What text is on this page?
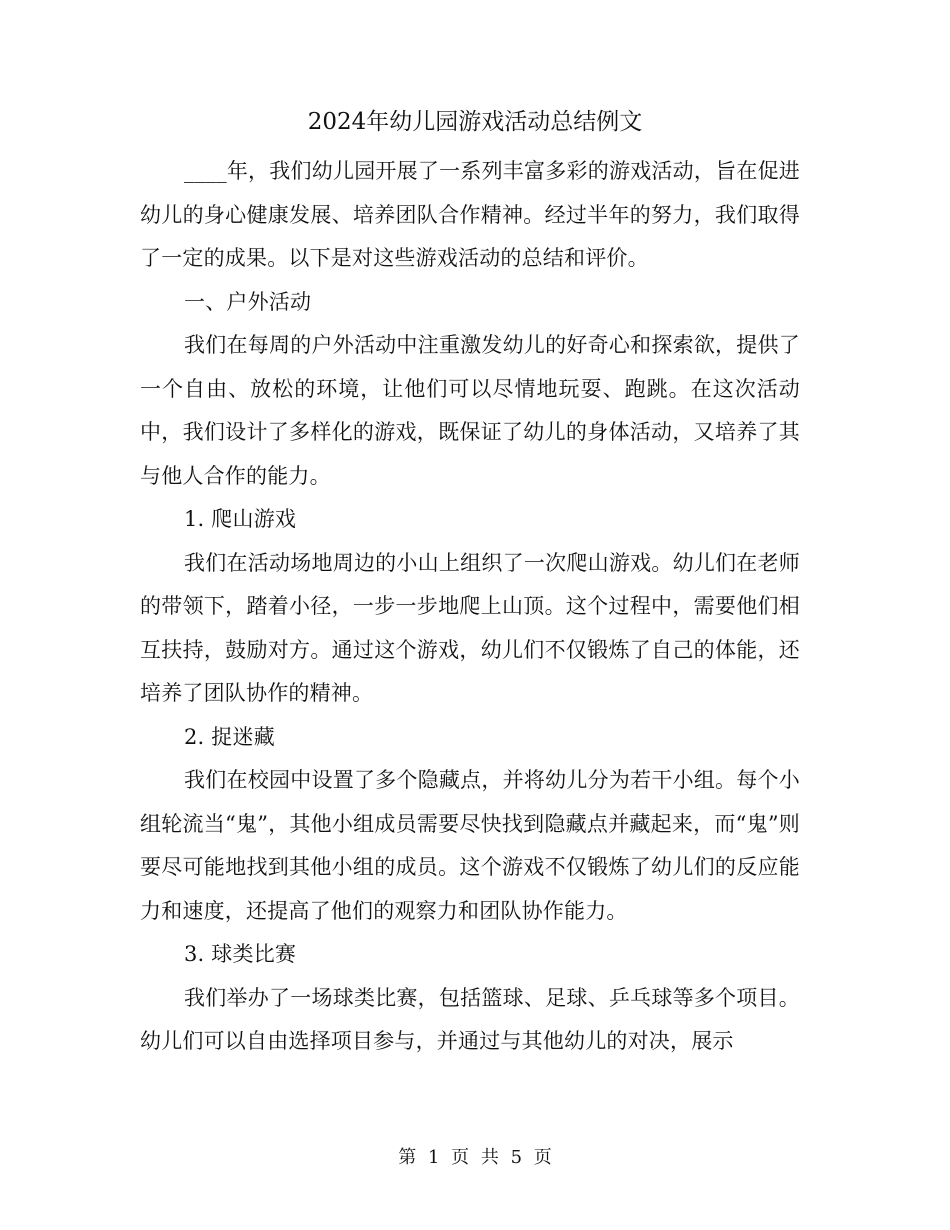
2024年幼儿园游戏活动总结例文

____年，我们幼儿园开展了一系列丰富多彩的游戏活动，旨在促进幼儿的身心健康发展、培养团队合作精神。经过半年的努力，我们取得了一定的成果。以下是对这些游戏活动的总结和评价。

一、户外活动

我们在每周的户外活动中注重激发幼儿的好奇心和探索欲，提供了一个自由、放松的环境，让他们可以尽情地玩耍、跑跳。在这次活动中，我们设计了多样化的游戏，既保证了幼儿的身体活动，又培养了其与他人合作的能力。

1. 爬山游戏

我们在活动场地周边的小山上组织了一次爬山游戏。幼儿们在老师的带领下，踏着小径，一步一步地爬上山顶。这个过程中，需要他们相互扶持，鼓励对方。通过这个游戏，幼儿们不仅锻炼了自己的体能，还培养了团队协作的精神。

2. 捉迷藏

我们在校园中设置了多个隐藏点，并将幼儿分为若干小组。每个小组轮流当“鬼”，其他小组成员需要尽快找到隐藏点并藏起来，而“鬼”则要尽可能地找到其他小组的成员。这个游戏不仅锻炼了幼儿们的反应能力和速度，还提高了他们的观察力和团队协作能力。

3. 球类比赛

我们举办了一场球类比赛，包括篮球、足球、乒乓球等多个项目。幼儿们可以自由选择项目参与，并通过与其他幼儿的对决，展示

第 1 页 共 5 页
